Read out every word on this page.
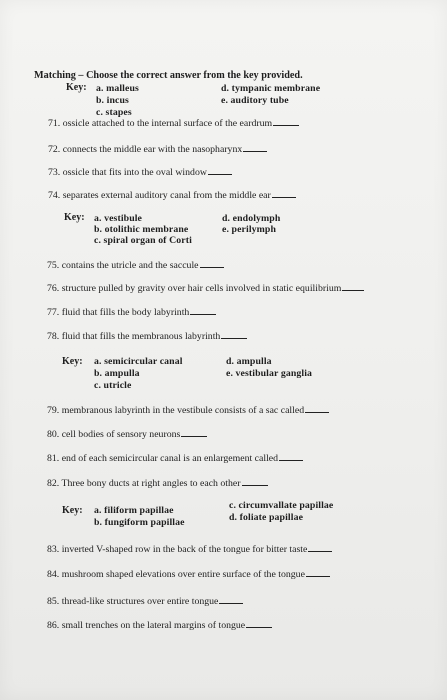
Matching – Choose the correct answer from the key provided.
Key: a. malleus
b. incus
c. stapes
d. tympanic membrane
e. auditory tube
71. ossicle attached to the internal surface of the eardrum
72. connects the middle ear with the nasopharynx
73. ossicle that fits into the oval window
74. separates external auditory canal from the middle ear
Key: a. vestibule
b. otolithic membrane
c. spiral organ of Corti
d. endolymph
e. perilymph
75. contains the utricle and the saccule
76. structure pulled by gravity over hair cells involved in static equilibrium
77. fluid that fills the body labyrinth
78. fluid that fills the membranous labyrinth
Key: a. semicircular canal
b. ampulla
c. utricle
d. ampulla
e. vestibular ganglia
79. membranous labyrinth in the vestibule consists of a sac called
80. cell bodies of sensory neurons
81. end of each semicircular canal is an enlargement called
82. Three bony ducts at right angles to each other
Key: a. filiform papillae
b. fungiform papillae
c. circumvallate papillae
d. foliate papillae
83. inverted V-shaped row in the back of the tongue for bitter taste
84. mushroom shaped elevations over entire surface of the tongue
85. thread-like structures over entire tongue
86. small trenches on the lateral margins of tongue
